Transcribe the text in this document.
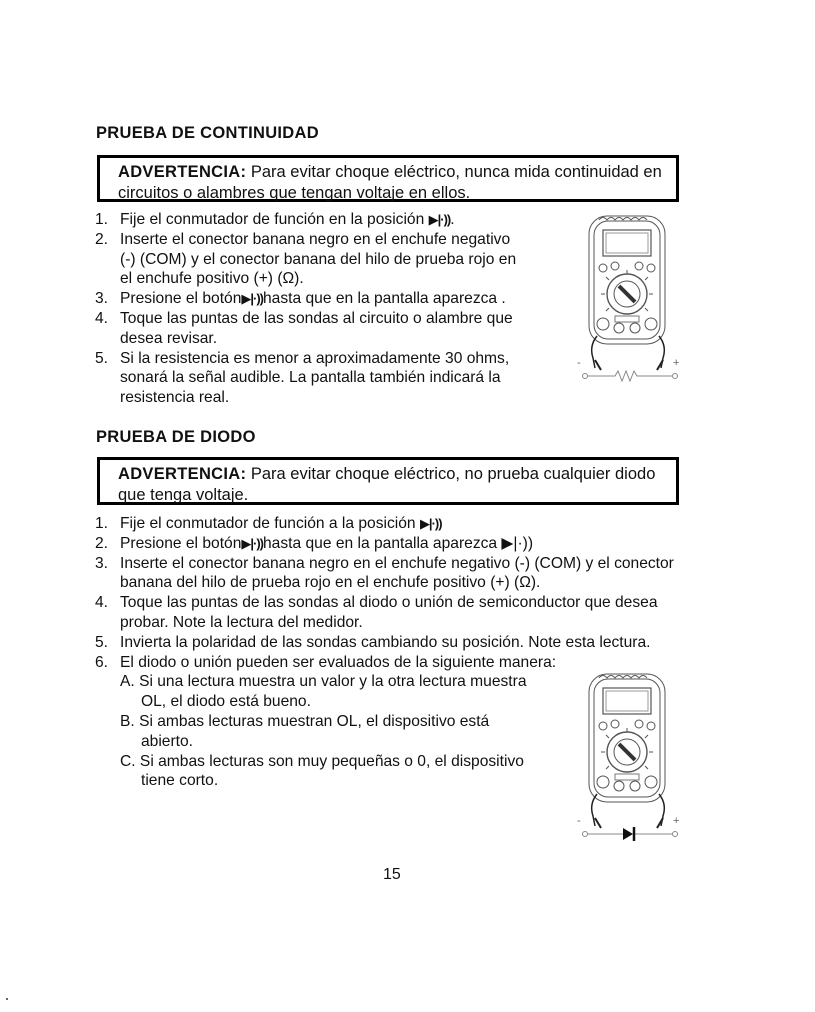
PRUEBA DE CONTINUIDAD
ADVERTENCIA: Para evitar choque eléctrico, nunca mida continuidad en circuitos o alambres que tengan voltaje en ellos.
1. Fije el conmutador de función en la posición ▶|·)).
2. Inserte el conector banana negro en el enchufe negativo (-) (COM) y el conector banana del hilo de prueba rojo en el enchufe positivo (+) (Ω).
3. Presione el botón▶|·))hasta que en la pantalla aparezca .
4. Toque las puntas de las sondas al circuito o alambre que desea revisar.
5. Si la resistencia es menor a aproximadamente 30 ohms, sonará la señal audible. La pantalla también indicará la resistencia real.
-	+
PRUEBA DE DIODO
ADVERTENCIA: Para evitar choque eléctrico, no prueba cualquier diodo que tenga voltaje.
1. Fije el conmutador de función a la posición ▶|·))
2. Presione el botón▶|·))hasta que en la pantalla aparezca ▶|·))
3. Inserte el conector banana negro en el enchufe negativo (-) (COM) y el conector banana del hilo de prueba rojo en el enchufe positivo (+) (Ω).
4. Toque las puntas de las sondas al diodo o unión de semiconductor que desea probar. Note la lectura del medidor.
5. Invierta la polaridad de las sondas cambiando su posición. Note esta lectura.
6. El diodo o unión pueden ser evaluados de la siguiente manera:
A. Si una lectura muestra un valor y la otra lectura muestra OL, el diodo está bueno.
B. Si ambas lecturas muestran OL, el dispositivo está abierto.
C. Si ambas lecturas son muy pequeñas o 0, el dispositivo tiene corto.
-	+
15
